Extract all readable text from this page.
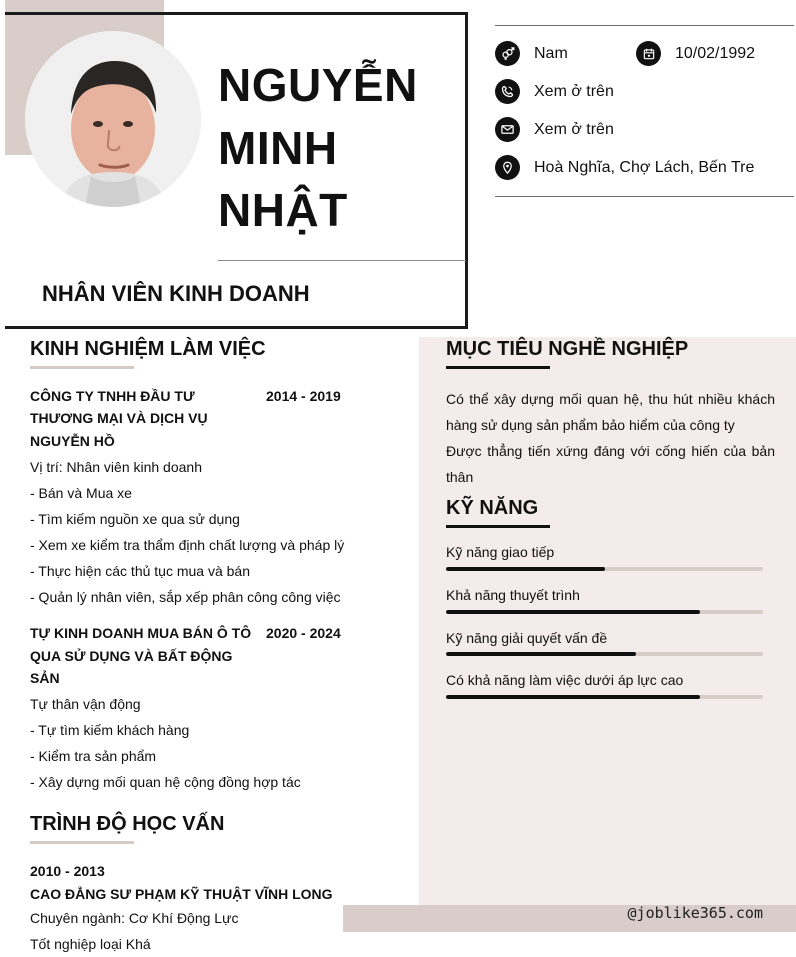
NGUYỄN
MINH
NHẬT
NHÂN VIÊN KINH DOANH
Nam	10/02/1992
Xem ở trên
Xem ở trên
Hoà Nghĩa, Chợ Lách, Bến Tre
KINH NGHIỆM LÀM VIỆC
CÔNG TY TNHH ĐẦU TƯ THƯƠNG MẠI VÀ DỊCH VỤ NGUYỄN HỒ
2014 - 2019
Vị trí: Nhân viên kinh doanh
- Bán và Mua xe
- Tìm kiếm nguồn xe qua sử dụng
- Xem xe kiểm tra thẩm định chất lượng và pháp lý
- Thực hiện các thủ tục mua và bán
- Quản lý nhân viên, sắp xếp phân công công việc
TỰ KINH DOANH MUA BÁN Ô TÔ QUA SỬ DỤNG VÀ BẤT ĐỘNG SẢN
2020 - 2024
Tự thân vận động
- Tự tìm kiếm khách hàng
- Kiểm tra sản phẩm
- Xây dựng mối quan hệ cộng đồng hợp tác
TRÌNH ĐỘ HỌC VẤN
2010 - 2013
CAO ĐẲNG SƯ PHẠM KỸ THUẬT VĨNH LONG
Chuyên ngành: Cơ Khí Động Lực
Tốt nghiệp loại Khá
MỤC TIÊU NGHỀ NGHIỆP
Có thể xây dựng mối quan hệ, thu hút nhiều khách hàng sử dụng sản phẩm bảo hiểm của công ty
Được thẳng tiến xứng đáng với cống hiến của bản thân
KỸ NĂNG
Kỹ năng giao tiếp
Khả năng thuyết trình
Kỹ năng giải quyết vấn đề
Có khả năng làm việc dưới áp lực cao
@joblike365.com
